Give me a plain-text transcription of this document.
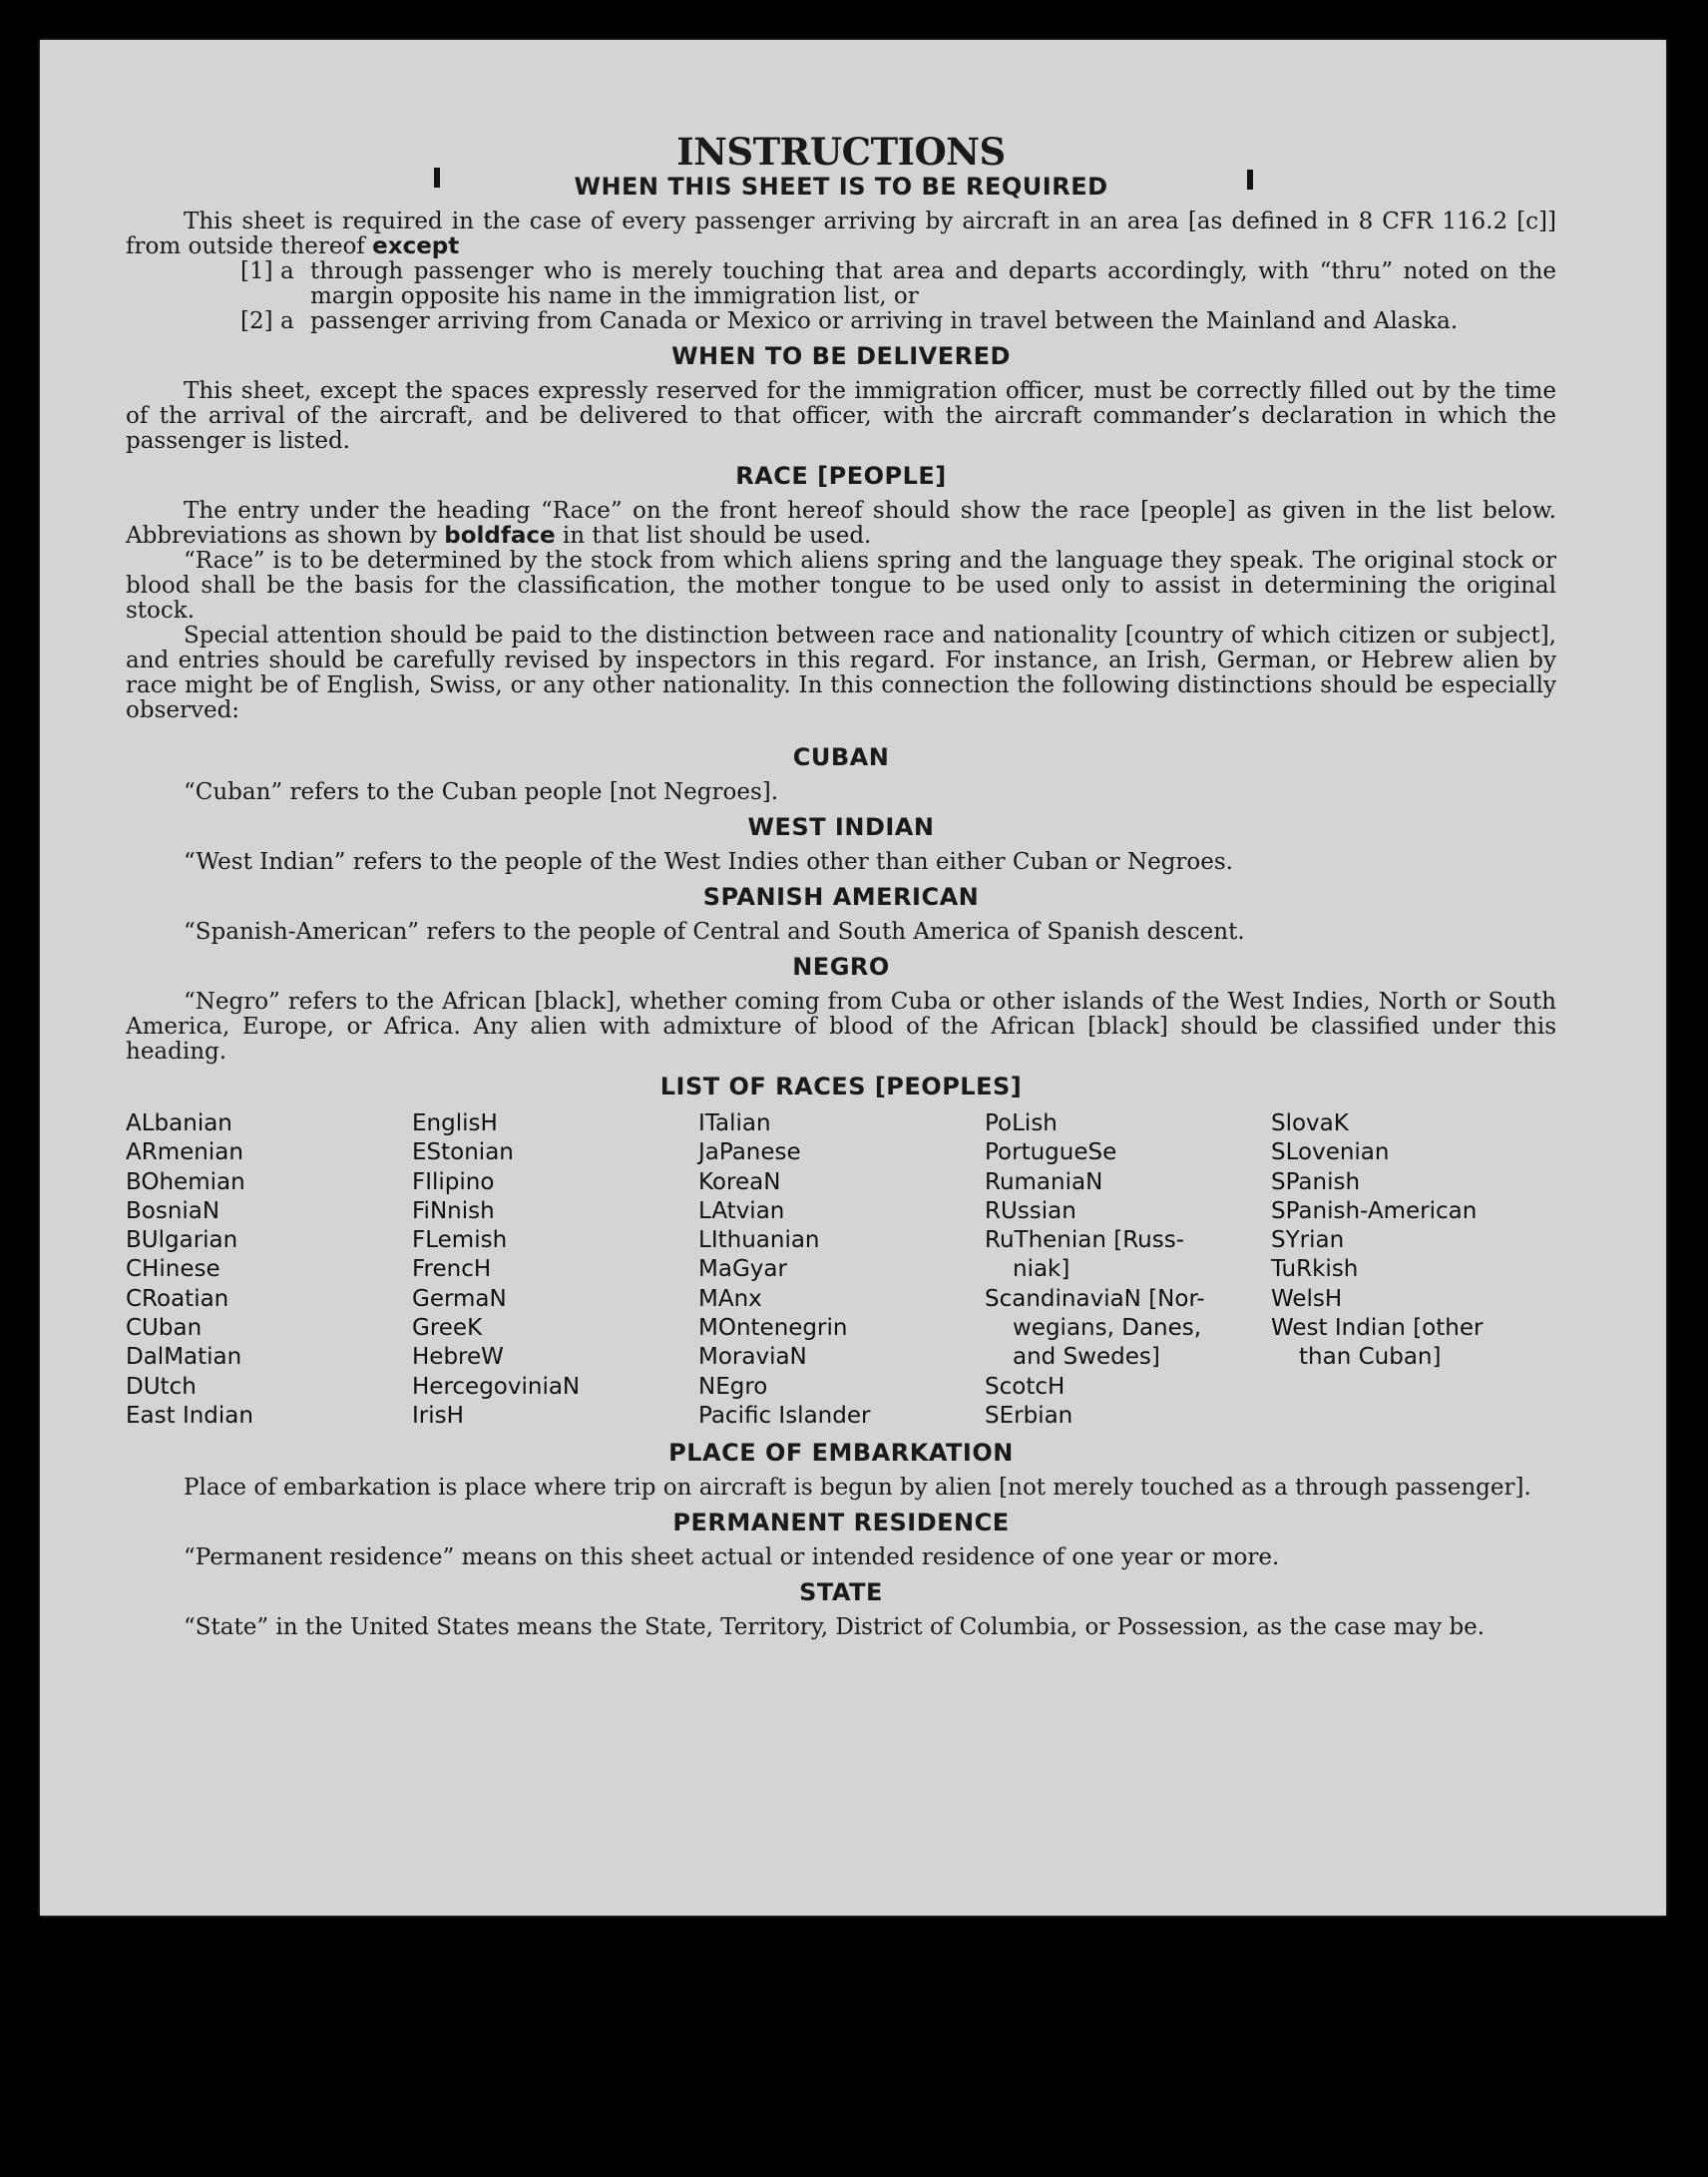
INSTRUCTIONS
WHEN THIS SHEET IS TO BE REQUIRED

This sheet is required in the case of every passenger arriving by aircraft in an area [as defined in 8 CFR 116.2 [c]] from outside thereof except

[1] a through passenger who is merely touching that area and departs accordingly, with “thru” noted on the margin opposite his name in the immigration list, or
[2] a passenger arriving from Canada or Mexico or arriving in travel between the Mainland and Alaska.
WHEN TO BE DELIVERED

This sheet, except the spaces expressly reserved for the immigration officer, must be correctly filled out by the time of the arrival of the aircraft, and be delivered to that officer, with the aircraft commander’s declaration in which the passenger is listed.

RACE [PEOPLE]

The entry under the heading “Race” on the front hereof should show the race [people] as given in the list below. Abbreviations as shown by boldface in that list should be used.

“Race” is to be determined by the stock from which aliens spring and the language they speak. The original stock or blood shall be the basis for the classification, the mother tongue to be used only to assist in determining the original stock.

Special attention should be paid to the distinction between race and nationality [country of which citizen or subject], and entries should be carefully revised by inspectors in this regard. For instance, an Irish, German, or Hebrew alien by race might be of English, Swiss, or any other nationality. In this connection the following distinctions should be especially observed:

CUBAN

“Cuban” refers to the Cuban people [not Negroes].

WEST INDIAN

“West Indian” refers to the people of the West Indies other than either Cuban or Negroes.

SPANISH AMERICAN

“Spanish-American” refers to the people of Central and South America of Spanish descent.

NEGRO

“Negro” refers to the African [black], whether coming from Cuba or other islands of the West Indies, North or South America, Europe, or Africa. Any alien with admixture of blood of the African [black] should be classified under this heading.

LIST OF RACES [PEOPLES]
ALbanian
ARmenian
BOhemian
BosniaN
BUlgarian
CHinese
CRoatian
CUban
DalMatian
DUtch
East Indian
EnglisH
EStonian
FIlipino
FiNnish
FLemish
FrencH
GermaN
GreeK
HebreW
HercegoviniaN
IrisH
ITalian
JaPanese
KoreaN
LAtvian
LIthuanian
MaGyar
MAnx
MOntenegrin
MoraviaN
NEgro
Pacific Islander
PoLish
PortugueSe
RumaniaN
RUssian
RuThenian [Russ-
niak]
ScandinaviaN [Nor-
wegians, Danes,
and Swedes]
ScotcH
SErbian
SlovaK
SLovenian
SPanish
SPanish-American
SYrian
TuRkish
WelsH
West Indian [other
than Cuban]
PLACE OF EMBARKATION

Place of embarkation is place where trip on aircraft is begun by alien [not merely touched as a through passenger].

PERMANENT RESIDENCE

“Permanent residence” means on this sheet actual or intended residence of one year or more.

STATE

“State” in the United States means the State, Territory, District of Columbia, or Possession, as the case may be.
